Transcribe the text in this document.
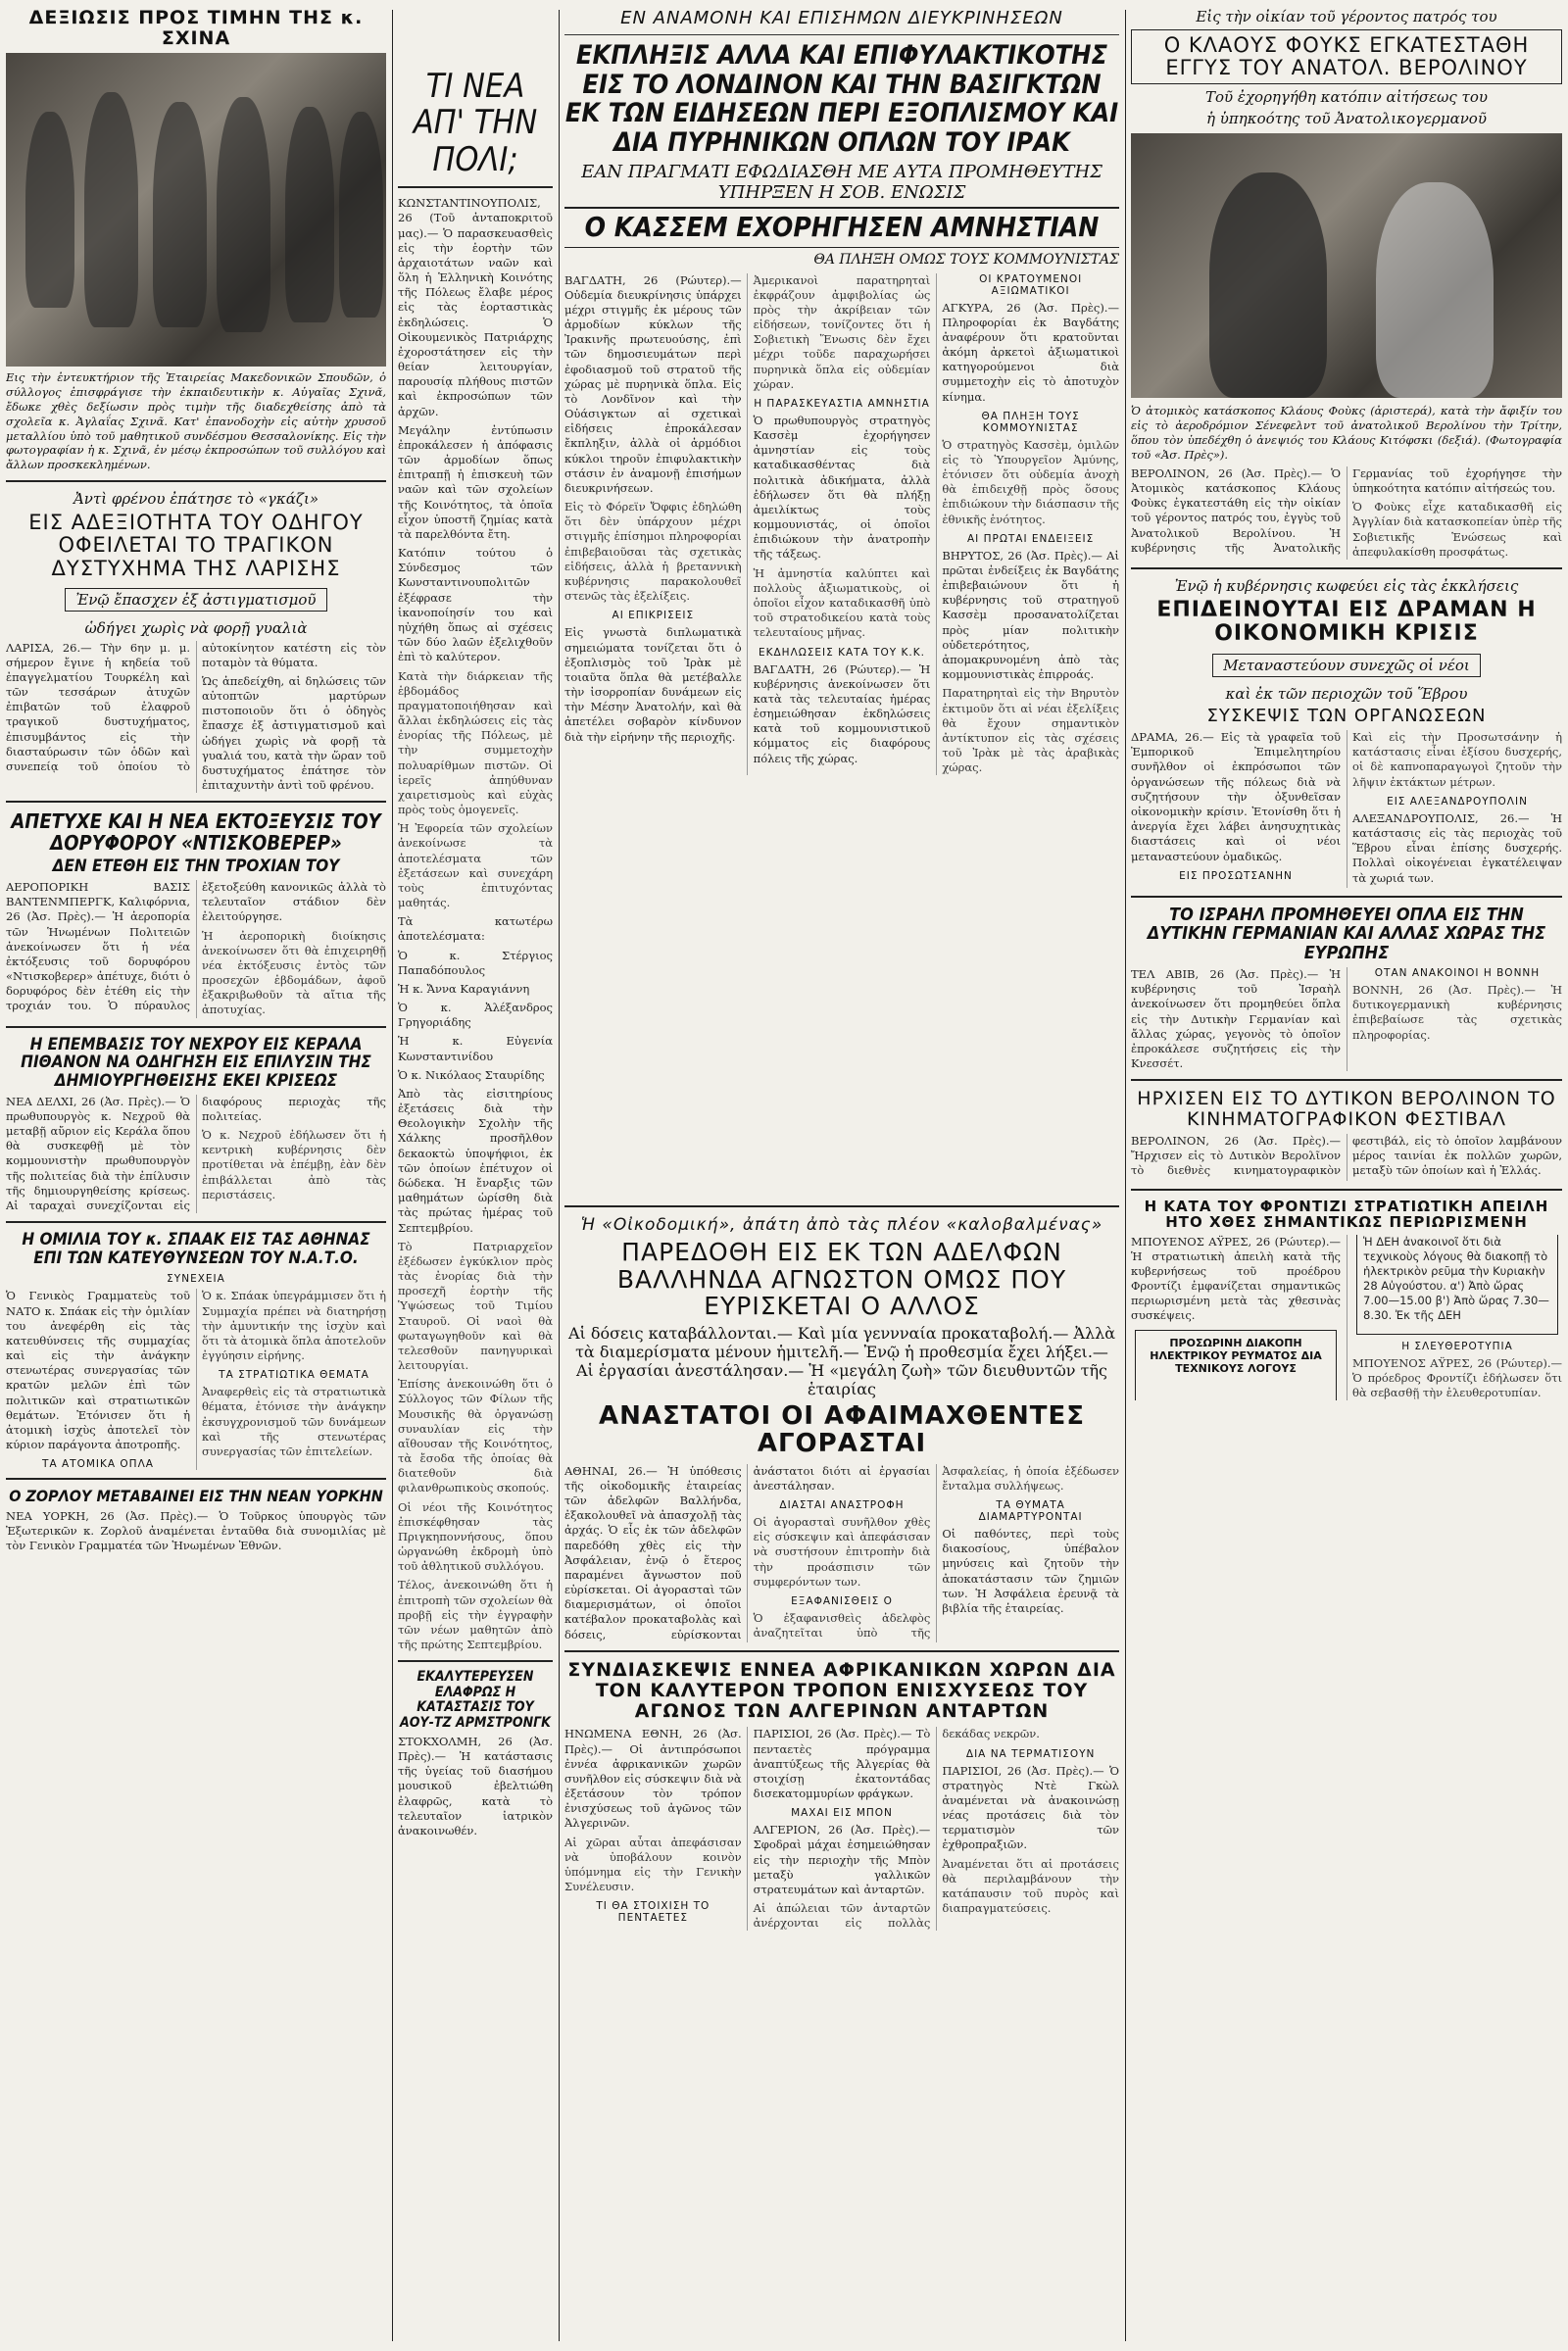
ΔΕΞΙΩΣΙΣ ΠΡΟΣ ΤΙΜΗΝ ΤΗΣ κ. ΣΧΙΝΑ

Εις τὴν ἐντευκτήριον τῆς Ἑταιρείας Μακεδονικῶν Σπουδῶν, ὁ σύλλογος ἐπισφράγισε τὴν ἐκπαιδευτικὴν κ. Αὐγαῖας Σχινᾶ, ἔδωκε χθὲς δεξίωσιν πρὸς τιμὴν τῆς διαδεχθείσης ἀπὸ τὰ σχολεῖα κ. Ἀγλαΐας Σχινᾶ. Κατ' ἐπανοδοχὴν εἰς αὐτὴν χρυσοῦ μεταλλίου ὑπὸ τοῦ μαθητικοῦ συνδέσμου Θεσσαλονίκης. Εἰς τὴν φωτογραφίαν ἡ κ. Σχινᾶ, ἐν μέσῳ ἐκπροσώπων τοῦ συλλόγου καὶ ἄλλων προσκεκλημένων.

Ἀντὶ φρένου ἐπάτησε τὸ «γκάζι»
ΕΙΣ ΑΔΕΞΙΟΤΗΤΑ ΤΟΥ ΟΔΗΓΟΥ ΟΦΕΙΛΕΤΑΙ ΤΟ ΤΡΑΓΙΚΟΝ ΔΥΣΤΥΧΗΜΑ ΤΗΣ ΛΑΡΙΣΗΣ
Ἐνῷ ἔπασχεν ἐξ ἀστιγματισμοῦ
ὡδήγει χωρὶς νὰ φορῇ γυαλιὰ

ΛΑΡΙΣΑ, 26.— Τὴν 6ην μ. μ. σήμερον ἔγινε ἡ κηδεία τοῦ ἐπαγγελματίου Τουρκέλη καὶ τῶν τεσσάρων ἀτυχῶν ἐπιβατῶν τοῦ ἐλαφροῦ τραγικοῦ δυστυχήματος, ἐπισυμβάντος εἰς τὴν διασταύρωσιν τῶν ὁδῶν καὶ συνεπείᾳ τοῦ ὁποίου τὸ αὐτοκίνητον κατέστη εἰς τὸν ποταμὸν τὰ θύματα.

Ὡς ἀπεδείχθη, αἱ δηλώσεις τῶν αὐτοπτῶν μαρτύρων πιστοποιοῦν ὅτι ὁ ὁδηγὸς ἔπασχε ἐξ ἀστιγματισμοῦ καὶ ὠδήγει χωρὶς νὰ φορῇ τὰ γυαλιά του, κατὰ τὴν ὥραν τοῦ δυστυχήματος ἐπάτησε τὸν ἐπιταχυντὴν ἀντὶ τοῦ φρένου.

ΑΠΕΤΥΧΕ ΚΑΙ Η ΝΕΑ ΕΚΤΟΞΕΥΣΙΣ ΤΟΥ ΔΟΡΥΦΟΡΟΥ «ΝΤΙΣΚΟΒΕΡΕΡ»
ΔΕΝ ΕΤΕΘΗ ΕΙΣ ΤΗΝ ΤΡΟΧΙΑΝ ΤΟΥ

ΑΕΡΟΠΟΡΙΚΗ ΒΑΣΙΣ ΒΑΝΤΕΝΜΠΕΡΓΚ, Καλιφόρνια, 26 (Ἀσ. Πρὲς).— Ἡ ἀεροπορία τῶν Ἡνωμένων Πολιτειῶν ἀνεκοίνωσεν ὅτι ἡ νέα ἐκτόξευσις τοῦ δορυφόρου «Ντισκοβερερ» ἀπέτυχε, διότι ὁ δορυφόρος δὲν ἐτέθη εἰς τὴν τροχιάν του. Ὁ πύραυλος ἐξετοξεύθη κανονικῶς ἀλλὰ τὸ τελευταῖον στάδιον δὲν ἐλειτούργησε.

Ἡ ἀεροπορικὴ διοίκησις ἀνεκοίνωσεν ὅτι θὰ ἐπιχειρηθῇ νέα ἐκτόξευσις ἐντὸς τῶν προσεχῶν ἑβδομάδων, ἀφοῦ ἐξακριβωθοῦν τὰ αἴτια τῆς ἀποτυχίας.

Η ΕΠΕΜΒΑΣΙΣ ΤΟΥ ΝΕΧΡΟΥ ΕΙΣ ΚΕΡΑΛΑ ΠΙΘΑΝΟΝ ΝΑ ΟΔΗΓΗΣΗ ΕΙΣ ΕΠΙΛΥΣΙΝ ΤΗΣ ΔΗΜΙΟΥΡΓΗΘΕΙΣΗΣ ΕΚΕΙ ΚΡΙΣΕΩΣ

ΝΕΑ ΔΕΛΧΙ, 26 (Ἀσ. Πρὲς).— Ὁ πρωθυπουργὸς κ. Νεχροῦ θὰ μεταβῇ αὔριον εἰς Κεράλα ὅπου θὰ συσκεφθῇ μὲ τὸν κομμουνιστὴν πρωθυπουργὸν τῆς πολιτείας διὰ τὴν ἐπίλυσιν τῆς δημιουργηθείσης κρίσεως. Αἱ ταραχαὶ συνεχίζονται εἰς διαφόρους περιοχὰς τῆς πολιτείας.

Ὁ κ. Νεχροῦ ἐδήλωσεν ὅτι ἡ κεντρικὴ κυβέρνησις δὲν προτίθεται νὰ ἐπέμβῃ, ἐὰν δὲν ἐπιβάλλεται ἀπὸ τὰς περιστάσεις.

Η ΟΜΙΛΙΑ ΤΟΥ κ. ΣΠΑΑΚ ΕΙΣ ΤΑΣ ΑΘΗΝΑΣ ΕΠΙ ΤΩΝ ΚΑΤΕΥΘΥΝΣΕΩΝ ΤΟΥ Ν.Α.Τ.Ο.
ΣΥΝΕΧΕΙΑ

Ὁ Γενικὸς Γραμματεὺς τοῦ ΝΑΤΟ κ. Σπάακ εἰς τὴν ὁμιλίαν του ἀνεφέρθη εἰς τὰς κατευθύνσεις τῆς συμμαχίας καὶ εἰς τὴν ἀνάγκην στενωτέρας συνεργασίας τῶν κρατῶν μελῶν ἐπὶ τῶν πολιτικῶν καὶ στρατιωτικῶν θεμάτων. Ἐτόνισεν ὅτι ἡ ἀτομικὴ ἰσχὺς ἀποτελεῖ τὸν κύριον παράγοντα ἀποτροπῆς.

ΤΑ ΑΤΟΜΙΚΑ ΟΠΛΑ

Ὁ κ. Σπάακ ὑπεγράμμισεν ὅτι ἡ Συμμαχία πρέπει νὰ διατηρήσῃ τὴν ἀμυντικήν της ἰσχὺν καὶ ὅτι τὰ ἀτομικὰ ὅπλα ἀποτελοῦν ἐγγύησιν εἰρήνης.

ΤΑ ΣΤΡΑΤΙΩΤΙΚΑ ΘΕΜΑΤΑ

Ἀναφερθεὶς εἰς τὰ στρατιωτικὰ θέματα, ἐτόνισε τὴν ἀνάγκην ἐκσυγχρονισμοῦ τῶν δυνάμεων καὶ τῆς στενωτέρας συνεργασίας τῶν ἐπιτελείων.

Ο ΖΟΡΛΟΥ ΜΕΤΑΒΑΙΝΕΙ ΕΙΣ ΤΗΝ ΝΕΑΝ ΥΟΡΚΗΝ

ΝΕΑ ΥΟΡΚΗ, 26 (Ἀσ. Πρὲς).— Ὁ Τοῦρκος ὑπουργὸς τῶν Ἐξωτερικῶν κ. Ζορλοῦ ἀναμένεται ἐνταῦθα διὰ συνομιλίας μὲ τὸν Γενικὸν Γραμματέα τῶν Ἡνωμένων Ἐθνῶν.

ΤΙ ΝΕΑ ΑΠ' ΤΗΝ ΠΟΛΙ;

ΚΩΝΣΤΑΝΤΙΝΟΥΠΟΛΙΣ, 26 (Τοῦ ἀνταποκριτοῦ μας).— Ὁ παρασκευασθεὶς εἰς τὴν ἑορτὴν τῶν ἀρχαιοτάτων ναῶν καὶ ὅλη ἡ Ἑλληνικὴ Κοινότης τῆς Πόλεως ἔλαβε μέρος εἰς τὰς ἑορταστικὰς ἐκδηλώσεις. Ὁ Οἰκουμενικὸς Πατριάρχης ἐχοροστάτησεν εἰς τὴν θείαν λειτουργίαν, παρουσίᾳ πλήθους πιστῶν καὶ ἐκπροσώπων τῶν ἀρχῶν.

Μεγάλην ἐντύπωσιν ἐπροκάλεσεν ἡ ἀπόφασις τῶν ἀρμοδίων ὅπως ἐπιτραπῇ ἡ ἐπισκευὴ τῶν ναῶν καὶ τῶν σχολείων τῆς Κοινότητος, τὰ ὁποῖα εἶχον ὑποστῆ ζημίας κατὰ τὰ παρελθόντα ἔτη.

Κατόπιν τούτου ὁ Σύνδεσμος τῶν Κωνσταντινουπολιτῶν ἐξέφρασε τὴν ἱκανοποίησίν του καὶ ηὐχήθη ὅπως αἱ σχέσεις τῶν δύο λαῶν ἐξελιχθοῦν ἐπὶ τὸ καλύτερον.

Κατὰ τὴν διάρκειαν τῆς ἑβδομάδος πραγματοποιήθησαν καὶ ἄλλαι ἐκδηλώσεις εἰς τὰς ἐνορίας τῆς Πόλεως, μὲ τὴν συμμετοχὴν πολυαρίθμων πιστῶν. Οἱ ἱερεῖς ἀπηύθυναν χαιρετισμοὺς καὶ εὐχὰς πρὸς τοὺς ὁμογενεῖς.

Ἡ Ἐφορεία τῶν σχολείων ἀνεκοίνωσε τὰ ἀποτελέσματα τῶν ἐξετάσεων καὶ συνεχάρη τοὺς ἐπιτυχόντας μαθητάς.

Τὰ κατωτέρω ἀποτελέσματα:

Ὁ κ. Στέργιος Παπαδόπουλος

Ἡ κ. Ἄννα Καραγιάννη

Ὁ κ. Ἀλέξανδρος Γρηγοριάδης

Ἡ κ. Εὐγενία Κωνσταντινίδου

Ὁ κ. Νικόλαος Σταυρίδης

Ἀπὸ τὰς εἰσιτηρίους ἐξετάσεις διὰ τὴν Θεολογικὴν Σχολὴν τῆς Χάλκης προσῆλθον δεκαοκτὼ ὑποψήφιοι, ἐκ τῶν ὁποίων ἐπέτυχον οἱ δώδεκα. Ἡ ἔναρξις τῶν μαθημάτων ὡρίσθη διὰ τὰς πρώτας ἡμέρας τοῦ Σεπτεμβρίου.

Τὸ Πατριαρχεῖον ἐξέδωσεν ἐγκύκλιον πρὸς τὰς ἐνορίας διὰ τὴν προσεχῆ ἑορτὴν τῆς Ὑψώσεως τοῦ Τιμίου Σταυροῦ. Οἱ ναοὶ θὰ φωταγωγηθοῦν καὶ θὰ τελεσθοῦν πανηγυρικαὶ λειτουργίαι.

Ἐπίσης ἀνεκοινώθη ὅτι ὁ Σύλλογος τῶν Φίλων τῆς Μουσικῆς θὰ ὀργανώσῃ συναυλίαν εἰς τὴν αἴθουσαν τῆς Κοινότητος, τὰ ἔσοδα τῆς ὁποίας θὰ διατεθοῦν διὰ φιλανθρωπικοὺς σκοπούς.

Οἱ νέοι τῆς Κοινότητος ἐπισκέφθησαν τὰς Πριγκηποννήσους, ὅπου ὠργανώθη ἐκδρομὴ ὑπὸ τοῦ ἀθλητικοῦ συλλόγου.

Τέλος, ἀνεκοινώθη ὅτι ἡ ἐπιτροπὴ τῶν σχολείων θὰ προβῇ εἰς τὴν ἐγγραφὴν τῶν νέων μαθητῶν ἀπὸ τῆς πρώτης Σεπτεμβρίου.

ΕΚΑΛΥΤΕΡΕΥΣΕΝ ΕΛΑΦΡΩΣ Η ΚΑΤΑΣΤΑΣΙΣ ΤΟΥ ΑΟΥ-ΤΖ ΑΡΜΣΤΡΟΝΓΚ

ΣΤΟΚΧΟΛΜΗ, 26 (Ἀσ. Πρὲς).— Ἡ κατάστασις τῆς ὑγείας τοῦ διασήμου μουσικοῦ ἐβελτιώθη ἐλαφρῶς, κατὰ τὸ τελευταῖον ἰατρικὸν ἀνακοινωθέν.

ΕΝ ΑΝΑΜΟΝΗ ΚΑΙ ΕΠΙΣΗΜΩΝ ΔΙΕΥΚΡΙΝΗΣΕΩΝ
ΕΚΠΛΗΞΙΣ ΑΛΛΑ ΚΑΙ ΕΠΙΦΥΛΑΚΤΙΚΟΤΗΣ ΕΙΣ ΤΟ ΛΟΝΔΙΝΟΝ ΚΑΙ ΤΗΝ ΒΑΣΙΓΚΤΩΝ ΕΚ ΤΩΝ ΕΙΔΗΣΕΩΝ ΠΕΡΙ ΕΞΟΠΛΙΣΜΟΥ ΚΑΙ ΔΙΑ ΠΥΡΗΝΙΚΩΝ ΟΠΛΩΝ ΤΟΥ ΙΡΑΚ
ΕΑΝ ΠΡΑΓΜΑΤΙ ΕΦΩΔΙΑΣΘΗ ΜΕ ΑΥΤΑ ΠΡΟΜΗΘΕΥΤΗΣ ΥΠΗΡΞΕΝ Η ΣΟΒ. ΕΝΩΣΙΣ
Ο ΚΑΣΣΕΜ ΕΧΟΡΗΓΗΣΕΝ ΑΜΝΗΣΤΙΑΝ
ΘΑ ΠΛΗΞΗ ΟΜΩΣ ΤΟΥΣ ΚΟΜΜΟΥΝΙΣΤΑΣ

ΒΑΓΔΑΤΗ, 26 (Ρώυτερ).— Οὐδεμία διευκρίνησις ὑπάρχει μέχρι στιγμῆς ἐκ μέρους τῶν ἀρμοδίων κύκλων τῆς Ἰρακινῆς πρωτευούσης, ἐπὶ τῶν δημοσιευμάτων περὶ ἐφοδιασμοῦ τοῦ στρατοῦ τῆς χώρας μὲ πυρηνικὰ ὅπλα. Εἰς τὸ Λονδῖνον καὶ τὴν Οὐάσιγκτων αἱ σχετικαὶ εἰδήσεις ἐπροκάλεσαν ἔκπληξιν, ἀλλὰ οἱ ἁρμόδιοι κύκλοι τηροῦν ἐπιφυλακτικὴν στάσιν ἐν ἀναμονῇ ἐπισήμων διευκρινήσεων.

Εἰς τὸ Φόρεϊν Ὄφφις ἐδηλώθη ὅτι δὲν ὑπάρχουν μέχρι στιγμῆς ἐπίσημοι πληροφορίαι ἐπιβεβαιοῦσαι τὰς σχετικὰς εἰδήσεις, ἀλλὰ ἡ βρεταννικὴ κυβέρνησις παρακολουθεῖ στενῶς τὰς ἐξελίξεις.

ΑΙ ΕΠΙΚΡΙΣΕΙΣ

Εἰς γνωστὰ διπλωματικὰ σημειώματα τονίζεται ὅτι ὁ ἐξοπλισμὸς τοῦ Ἰρὰκ μὲ τοιαῦτα ὅπλα θὰ μετέβαλλε τὴν ἰσορροπίαν δυνάμεων εἰς τὴν Μέσην Ἀνατολήν, καὶ θὰ ἀπετέλει σοβαρὸν κίνδυνον διὰ τὴν εἰρήνην τῆς περιοχῆς.

Ἀμερικανοὶ παρατηρηταὶ ἐκφράζουν ἀμφιβολίας ὡς πρὸς τὴν ἀκρίβειαν τῶν εἰδήσεων, τονίζοντες ὅτι ἡ Σοβιετικὴ Ἕνωσις δὲν ἔχει μέχρι τοῦδε παραχωρήσει πυρηνικὰ ὅπλα εἰς οὐδεμίαν χώραν.

Η ΠΑΡΑΣΚΕΥΑΣΤΙΑ ΑΜΝΗΣΤΙΑ

Ὁ πρωθυπουργὸς στρατηγὸς Κασσὲμ ἐχορήγησεν ἀμνηστίαν εἰς τοὺς καταδικασθέντας διὰ πολιτικὰ ἀδικήματα, ἀλλὰ ἐδήλωσεν ὅτι θὰ πλήξῃ ἀμειλίκτως τοὺς κομμουνιστάς, οἱ ὁποῖοι ἐπιδιώκουν τὴν ἀνατροπὴν τῆς τάξεως.

Ἡ ἀμνηστία καλύπτει καὶ πολλοὺς ἀξιωματικοὺς, οἱ ὁποῖοι εἶχον καταδικασθῆ ὑπὸ τοῦ στρατοδικείου κατὰ τοὺς τελευταίους μῆνας.

ΕΚΔΗΛΩΣΕΙΣ ΚΑΤΑ ΤΟΥ Κ.Κ.

ΒΑΓΔΑΤΗ, 26 (Ρώυτερ).— Ἡ κυβέρνησις ἀνεκοίνωσεν ὅτι κατὰ τὰς τελευταίας ἡμέρας ἐσημειώθησαν ἐκδηλώσεις κατὰ τοῦ κομμουνιστικοῦ κόμματος εἰς διαφόρους πόλεις τῆς χώρας.

ΟΙ ΚΡΑΤΟΥΜΕΝΟΙ ΑΞΙΩΜΑΤΙΚΟΙ

ΑΓΚΥΡΑ, 26 (Ἀσ. Πρὲς).— Πληροφορίαι ἐκ Βαγδάτης ἀναφέρουν ὅτι κρατοῦνται ἀκόμη ἀρκετοὶ ἀξιωματικοὶ κατηγορούμενοι διὰ συμμετοχὴν εἰς τὸ ἀποτυχὸν κίνημα.

ΘΑ ΠΛΗΞΗ ΤΟΥΣ ΚΟΜΜΟΥΝΙΣΤΑΣ

Ὁ στρατηγὸς Κασσὲμ, ὁμιλῶν εἰς τὸ Ὑπουργεῖον Ἀμύνης, ἐτόνισεν ὅτι οὐδεμία ἀνοχὴ θὰ ἐπιδειχθῇ πρὸς ὅσους ἐπιδιώκουν τὴν διάσπασιν τῆς ἐθνικῆς ἑνότητος.

ΑΙ ΠΡΩΤΑΙ ΕΝΔΕΙΞΕΙΣ

ΒΗΡΥΤΟΣ, 26 (Ἀσ. Πρὲς).— Αἱ πρῶται ἐνδείξεις ἐκ Βαγδάτης ἐπιβεβαιώνουν ὅτι ἡ κυβέρνησις τοῦ στρατηγοῦ Κασσὲμ προσανατολίζεται πρὸς μίαν πολιτικὴν οὐδετερότητος, ἀπομακρυνομένη ἀπὸ τὰς κομμουνιστικὰς ἐπιρροάς.

Παρατηρηταὶ εἰς τὴν Βηρυτὸν ἐκτιμοῦν ὅτι αἱ νέαι ἐξελίξεις θὰ ἔχουν σημαντικὸν ἀντίκτυπον εἰς τὰς σχέσεις τοῦ Ἰρὰκ μὲ τὰς ἀραβικὰς χώρας.

Ἡ «Οἰκοδομική», ἀπάτη ἀπὸ τὰς πλέον «καλοβαλμένας»
ΠΑΡΕΔΟΘΗ ΕΙΣ ΕΚ ΤΩΝ ΑΔΕΛΦΩΝ ΒΑΛΛΗΝΔΑ ΑΓΝΩΣΤΟΝ ΟΜΩΣ ΠΟΥ ΕΥΡΙΣΚΕΤΑΙ Ο ΑΛΛΟΣ
Αἱ δόσεις καταβάλλονται.— Καὶ μία γεννναία προκαταβολή.— Ἀλλὰ τὰ διαμερίσματα μένουν ἡμιτελῆ.— Ἐνῷ ἡ προθεσμία ἔχει λήξει.— Αἱ ἐργασίαι ἀνεστάλησαν.— Ἡ «μεγάλη ζωὴ» τῶν διευθυντῶν τῆς ἑταιρίας
ΑΝΑΣΤΑΤΟΙ ΟΙ ΑΦΑΙΜΑΧΘΕΝΤΕΣ ΑΓΟΡΑΣΤΑΙ

ΑΘΗΝΑΙ, 26.— Ἡ ὑπόθεσις τῆς οἰκοδομικῆς ἑταιρείας τῶν ἀδελφῶν Βαλλήνδα, ἐξακολουθεῖ νὰ ἀπασχολῇ τὰς ἀρχάς. Ὁ εἷς ἐκ τῶν ἀδελφῶν παρεδόθη χθὲς εἰς τὴν Ἀσφάλειαν, ἐνῷ ὁ ἕτερος παραμένει ἄγνωστον ποῦ εὑρίσκεται. Οἱ ἀγορασταὶ τῶν διαμερισμάτων, οἱ ὁποῖοι κατέβαλον προκαταβολὰς καὶ δόσεις, εὑρίσκονται ἀνάστατοι διότι αἱ ἐργασίαι ἀνεστάλησαν.

ΔΙΑΣΤΑΙ ΑΝΑΣΤΡΟΦΗ

Οἱ ἀγορασταὶ συνῆλθον χθὲς εἰς σύσκεψιν καὶ ἀπεφάσισαν νὰ συστήσουν ἐπιτροπὴν διὰ τὴν προάσπισιν τῶν συμφερόντων των.

ΕΞΑΦΑΝΙΣΘΕΙΣ Ο

Ὁ ἐξαφανισθεὶς ἀδελφὸς ἀναζητεῖται ὑπὸ τῆς Ἀσφαλείας, ἡ ὁποία ἐξέδωσεν ἔνταλμα συλλήψεως.

ΤΑ ΘΥΜΑΤΑ ΔΙΑΜΑΡΤΥΡΟΝΤΑΙ

Οἱ παθόντες, περὶ τοὺς διακοσίους, ὑπέβαλον μηνύσεις καὶ ζητοῦν τὴν ἀποκατάστασιν τῶν ζημιῶν των. Ἡ Ἀσφάλεια ἐρευνᾷ τὰ βιβλία τῆς ἑταιρείας.

ΣΥΝΔΙΑΣΚΕΨΙΣ ΕΝΝΕΑ ΑΦΡΙΚΑΝΙΚΩΝ ΧΩΡΩΝ ΔΙΑ ΤΟΝ ΚΑΛΥΤΕΡΟΝ ΤΡΟΠΟΝ ΕΝΙΣΧΥΣΕΩΣ ΤΟΥ ΑΓΩΝΟΣ ΤΩΝ ΑΛΓΕΡΙΝΩΝ ΑΝΤΑΡΤΩΝ

ΗΝΩΜΕΝΑ ΕΘΝΗ, 26 (Ἀσ. Πρὲς).— Οἱ ἀντιπρόσωποι ἐννέα ἀφρικανικῶν χωρῶν συνῆλθον εἰς σύσκεψιν διὰ νὰ ἐξετάσουν τὸν τρόπον ἐνισχύσεως τοῦ ἀγῶνος τῶν Ἀλγερινῶν.

Αἱ χῶραι αὗται ἀπεφάσισαν νὰ ὑποβάλουν κοινὸν ὑπόμνημα εἰς τὴν Γενικὴν Συνέλευσιν.

ΤΙ ΘΑ ΣΤΟΙΧΙΣΗ ΤΟ ΠΕΝΤΑΕΤΕΣ

ΠΑΡΙΣΙΟΙ, 26 (Ἀσ. Πρὲς).— Τὸ πενταετὲς πρόγραμμα ἀναπτύξεως τῆς Ἀλγερίας θὰ στοιχίσῃ ἐκατοντάδας δισεκατομμυρίων φράγκων.

ΜΑΧΑΙ ΕΙΣ ΜΠΟΝ

ΑΛΓΕΡΙΟΝ, 26 (Ἀσ. Πρὲς).— Σφοδραὶ μάχαι ἐσημειώθησαν εἰς τὴν περιοχὴν τῆς Μπὸν μεταξὺ γαλλικῶν στρατευμάτων καὶ ἀνταρτῶν.

Αἱ ἀπώλειαι τῶν ἀνταρτῶν ἀνέρχονται εἰς πολλὰς δεκάδας νεκρῶν.

ΔΙΑ ΝΑ ΤΕΡΜΑΤΙΣΟΥΝ

ΠΑΡΙΣΙΟΙ, 26 (Ἀσ. Πρὲς).— Ὁ στρατηγὸς Ντὲ Γκὼλ ἀναμένεται νὰ ἀνακοινώσῃ νέας προτάσεις διὰ τὸν τερματισμὸν τῶν ἐχθροπραξιῶν.

Ἀναμένεται ὅτι αἱ προτάσεις θὰ περιλαμβάνουν τὴν κατάπαυσιν τοῦ πυρὸς καὶ διαπραγματεύσεις.

Εἰς τὴν οἰκίαν τοῦ γέροντος πατρός του
Ο ΚΛΑΟΥΣ ΦΟΥΚΣ ΕΓΚΑΤΕΣΤΑΘΗ ΕΓΓΥΣ ΤΟΥ ΑΝΑΤΟΛ. ΒΕΡΟΛΙΝΟΥ
Τοῦ ἐχορηγήθη κατόπιν αἰτήσεως του
ἡ ὑπηκοότης τοῦ Ἀνατολικογερμανοῦ

Ὁ ἀτομικὸς κατάσκοπος Κλάους Φοὺκς (ἀριστερά), κατὰ τὴν ἄφιξίν του εἰς τὸ ἀεροδρόμιον Σένεφελντ τοῦ ἀνατολικοῦ Βερολίνου τὴν Τρίτην, ὅπου τὸν ὑπεδέχθη ὁ ἀνεψιός του Κλάους Κιτόφσκι (δεξιά). (Φωτογραφία τοῦ «Ἀσ. Πρὲς»).

ΒΕΡΟΛΙΝΟΝ, 26 (Ἀσ. Πρὲς).— Ὁ Ἀτομικὸς κατάσκοπος Κλάους Φοὺκς ἐγκατεστάθη εἰς τὴν οἰκίαν τοῦ γέροντος πατρός του, ἐγγὺς τοῦ Ἀνατολικοῦ Βερολίνου. Ἡ κυβέρνησις τῆς Ἀνατολικῆς Γερμανίας τοῦ ἐχορήγησε τὴν ὑπηκοότητα κατόπιν αἰτήσεώς του.

Ὁ Φοὺκς εἶχε καταδικασθῆ εἰς Ἀγγλίαν διὰ κατασκοπείαν ὑπὲρ τῆς Σοβιετικῆς Ἑνώσεως καὶ ἀπεφυλακίσθη προσφάτως.

Ἐνῷ ἡ κυβέρνησις κωφεύει εἰς τὰς ἐκκλήσεις
ΕΠΙΔΕΙΝΟΥΤΑΙ ΕΙΣ ΔΡΑΜΑΝ Η ΟΙΚΟΝΟΜΙΚΗ ΚΡΙΣΙΣ
Μεταναστεύουν συνεχῶς οἱ νέοι
καὶ ἐκ τῶν περιοχῶν τοῦ Ἕβρου
ΣΥΣΚΕΨΙΣ ΤΩΝ ΟΡΓΑΝΩΣΕΩΝ

ΔΡΑΜΑ, 26.— Εἰς τὰ γραφεῖα τοῦ Ἐμπορικοῦ Ἐπιμελητηρίου συνῆλθον οἱ ἐκπρόσωποι τῶν ὀργανώσεων τῆς πόλεως διὰ νὰ συζητήσουν τὴν ὀξυνθεῖσαν οἰκονομικὴν κρίσιν. Ἐτονίσθη ὅτι ἡ ἀνεργία ἔχει λάβει ἀνησυχητικὰς διαστάσεις καὶ οἱ νέοι μεταναστεύουν ὁμαδικῶς.

ΕΙΣ ΠΡΟΣΩΤΣΑΝΗΝ

Καὶ εἰς τὴν Προσωτσάνην ἡ κατάστασις εἶναι ἐξίσου δυσχερής, οἱ δὲ καπνοπαραγωγοὶ ζητοῦν τὴν λῆψιν ἐκτάκτων μέτρων.

ΕΙΣ ΑΛΕΞΑΝΔΡΟΥΠΟΛΙΝ

ΑΛΕΞΑΝΔΡΟΥΠΟΛΙΣ, 26.— Ἡ κατάστασις εἰς τὰς περιοχὰς τοῦ Ἕβρου εἶναι ἐπίσης δυσχερής. Πολλαὶ οἰκογένειαι ἐγκατέλειψαν τὰ χωριά των.

ΤΟ ΙΣΡΑΗΛ ΠΡΟΜΗΘΕΥΕΙ ΟΠΛΑ ΕΙΣ ΤΗΝ ΔΥΤΙΚΗΝ ΓΕΡΜΑΝΙΑΝ ΚΑΙ ΑΛΛΑΣ ΧΩΡΑΣ ΤΗΣ ΕΥΡΩΠΗΣ

ΤΕΛ ΑΒΙΒ, 26 (Ἀσ. Πρὲς).— Ἡ κυβέρνησις τοῦ Ἰσραὴλ ἀνεκοίνωσεν ὅτι προμηθεύει ὅπλα εἰς τὴν Δυτικὴν Γερμανίαν καὶ ἄλλας χώρας, γεγονὸς τὸ ὁποῖον ἐπροκάλεσε συζητήσεις εἰς τὴν Κνεσσέτ.

ΟΤΑΝ ΑΝΑΚΟΙΝΟΙ Η ΒΟΝΝΗ

ΒΟΝΝΗ, 26 (Ἀσ. Πρὲς).— Ἡ δυτικογερμανικὴ κυβέρνησις ἐπιβεβαίωσε τὰς σχετικὰς πληροφορίας.

ΗΡΧΙΣΕΝ ΕΙΣ ΤΟ ΔΥΤΙΚΟΝ ΒΕΡΟΛΙΝΟΝ ΤΟ ΚΙΝΗΜΑΤΟΓΡΑΦΙΚΟΝ ΦΕΣΤΙΒΑΛ

ΒΕΡΟΛΙΝΟΝ, 26 (Ἀσ. Πρὲς).— Ἤρχισεν εἰς τὸ Δυτικὸν Βερολῖνον τὸ διεθνὲς κινηματογραφικὸν φεστιβάλ, εἰς τὸ ὁποῖον λαμβάνουν μέρος ταινίαι ἐκ πολλῶν χωρῶν, μεταξὺ τῶν ὁποίων καὶ ἡ Ἑλλάς.

Η ΚΑΤΑ ΤΟΥ ΦΡΟΝΤΙΖΙ ΣΤΡΑΤΙΩΤΙΚΗ ΑΠΕΙΛΗ ΗΤΟ ΧΘΕΣ ΣΗΜΑΝΤΙΚΩΣ ΠΕΡΙΩΡΙΣΜΕΝΗ

ΜΠΟΥΕΝΟΣ ΑΫΡΕΣ, 26 (Ρώυτερ).— Ἡ στρατιωτικὴ ἀπειλὴ κατὰ τῆς κυβερνήσεως τοῦ προέδρου Φροντίζι ἐμφανίζεται σημαντικῶς περιωρισμένη μετὰ τὰς χθεσινὰς συσκέψεις.

ΠΡΟΣΩΡΙΝΗ ΔΙΑΚΟΠΗ ΗΛΕΚΤΡΙΚΟΥ ΡΕΥΜΑΤΟΣ ΔΙΑ ΤΕΧΝΙΚΟΥΣ ΛΟΓΟΥΣ
Ἡ ΔΕΗ ἀνακοινοῖ ὅτι διὰ τεχνικοὺς λόγους θὰ διακοπῇ τὸ ἠλεκτρικὸν ρεῦμα τὴν Κυριακὴν 28 Αὐγούστου. α') Ἀπὸ ὥρας 7.00—15.00 β') Ἀπὸ ὥρας 7.30—8.30. Ἐκ τῆς ΔΕΗ
Η ΣΛΕΥΘΕΡΟΤΥΠΙΑ

ΜΠΟΥΕΝΟΣ ΑΫΡΕΣ, 26 (Ρώυτερ).— Ὁ πρόεδρος Φροντίζι ἐδήλωσεν ὅτι θὰ σεβασθῇ τὴν ἐλευθεροτυπίαν.
